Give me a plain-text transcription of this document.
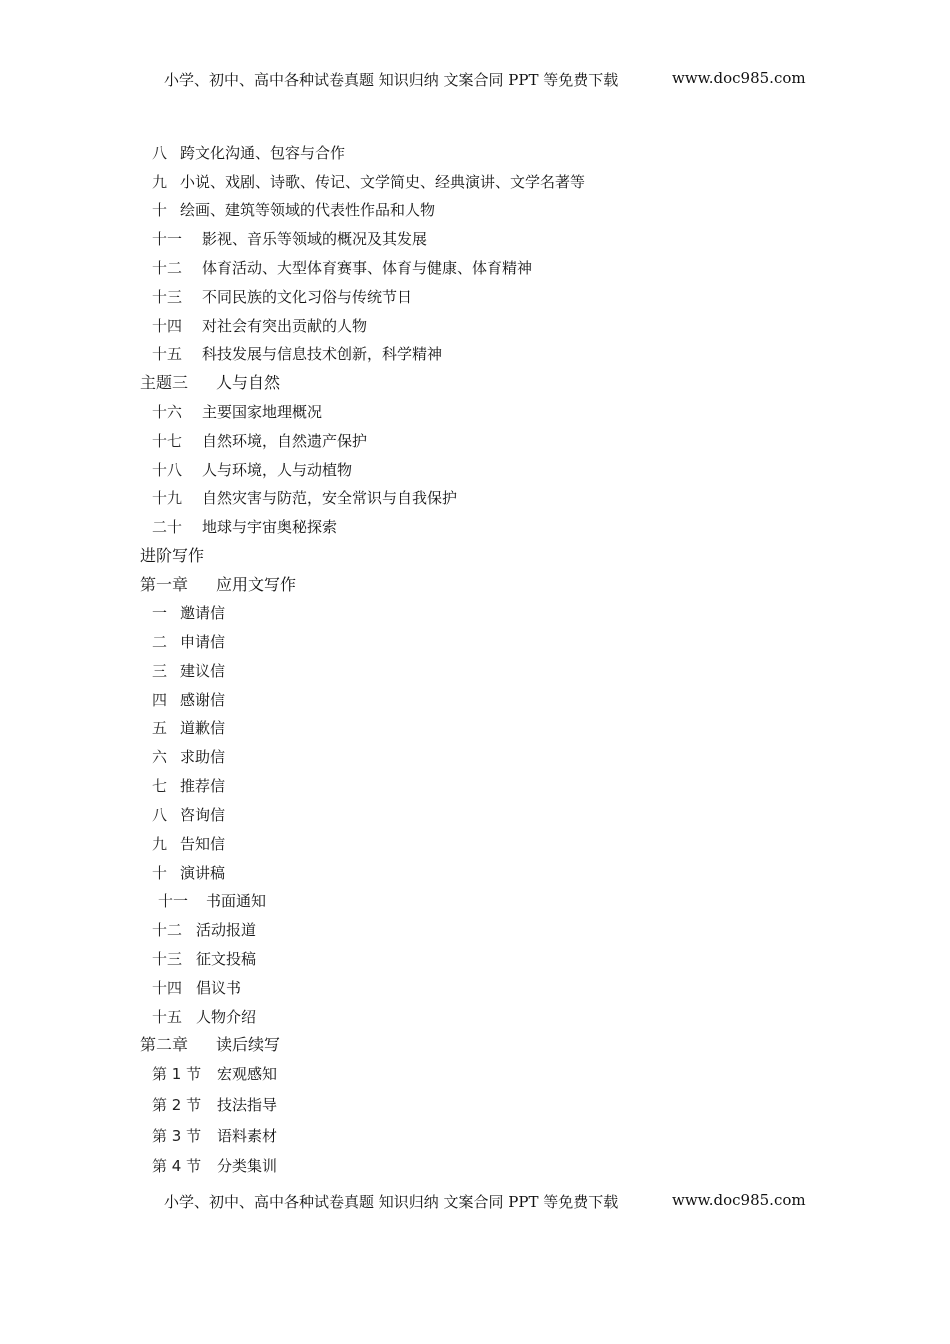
小学、初中、高中各种试卷真题 知识归纳 文案合同 PPT 等免费下载	www.doc985.com
八 跨文化沟通、包容与合作
九 小说、戏剧、诗歌、传记、文学简史、经典演讲、文学名著等
十 绘画、建筑等领域的代表性作品和人物
十一 影视、音乐等领域的概况及其发展
十二 体育活动、大型体育赛事、体育与健康、体育精神
十三 不同民族的文化习俗与传统节日
十四 对社会有突出贡献的人物
十五 科技发展与信息技术创新，科学精神
主题三 人与自然
十六 主要国家地理概况
十七 自然环境，自然遗产保护
十八 人与环境，人与动植物
十九 自然灾害与防范，安全常识与自我保护
二十 地球与宇宙奥秘探索
进阶写作
第一章 应用文写作
一 邀请信
二 申请信
三 建议信
四 感谢信
五 道歉信
六 求助信
七 推荐信
八 咨询信
九 告知信
十 演讲稿
十一 书面通知
十二 活动报道
十三 征文投稿
十四 倡议书
十五 人物介绍
第二章 读后续写
第 1 节 宏观感知
第 2 节 技法指导
第 3 节 语料素材
第 4 节 分类集训
小学、初中、高中各种试卷真题 知识归纳 文案合同 PPT 等免费下载	www.doc985.com
